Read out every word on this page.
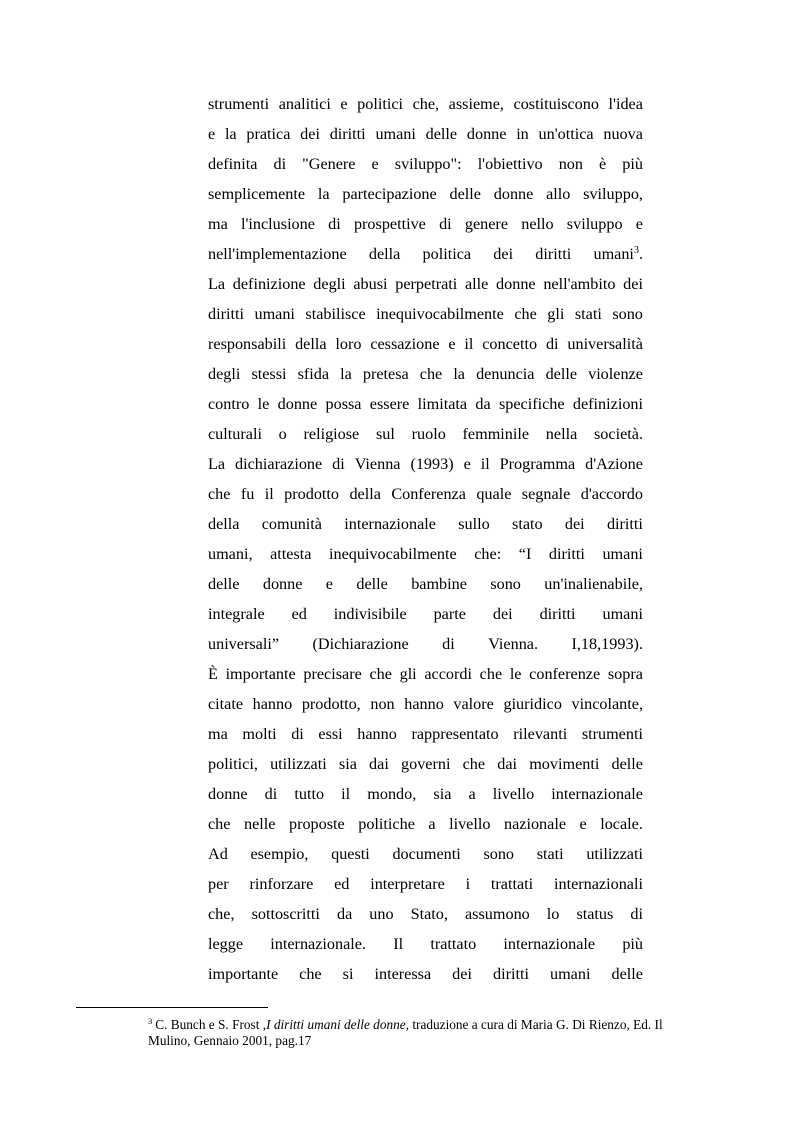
strumenti analitici e politici che, assieme, costituiscono l'idea
e la pratica dei diritti umani delle donne in un'ottica nuova
definita di "Genere e sviluppo": l'obiettivo non è più
semplicemente la partecipazione delle donne allo sviluppo,
ma l'inclusione di prospettive di genere nello sviluppo e
nell'implementazione della politica dei diritti umani3.
La definizione degli abusi perpetrati alle donne nell'ambito dei
diritti umani stabilisce inequivocabilmente che gli stati sono
responsabili della loro cessazione e il concetto di universalità
degli stessi sfida la pretesa che la denuncia delle violenze
contro le donne possa essere limitata da specifiche definizioni
culturali o religiose sul ruolo femminile nella società.
La dichiarazione di Vienna (1993) e il Programma d'Azione
che fu il prodotto della Conferenza quale segnale d'accordo
della comunità internazionale sullo stato dei diritti
umani, attesta inequivocabilmente che: “I diritti umani
delle donne e delle bambine sono un'inalienabile,
integrale ed indivisibile parte dei diritti umani
universali” (Dichiarazione di Vienna. I,18,1993).
È importante precisare che gli accordi che le conferenze sopra
citate hanno prodotto, non hanno valore giuridico vincolante,
ma molti di essi hanno rappresentato rilevanti strumenti
politici, utilizzati sia dai governi che dai movimenti delle
donne di tutto il mondo, sia a livello internazionale
che nelle proposte politiche a livello nazionale e locale.
Ad esempio, questi documenti sono stati utilizzati
per rinforzare ed interpretare i trattati internazionali
che, sottoscritti da uno Stato, assumono lo status di
legge internazionale. Il trattato internazionale più
importante che si interessa dei diritti umani delle
$^3$ C. Bunch e S. Frost ,I diritti umani delle donne, traduzione a cura di Maria G. Di Rienzo, Ed. Il
Mulino, Gennaio 2001, pag.17
